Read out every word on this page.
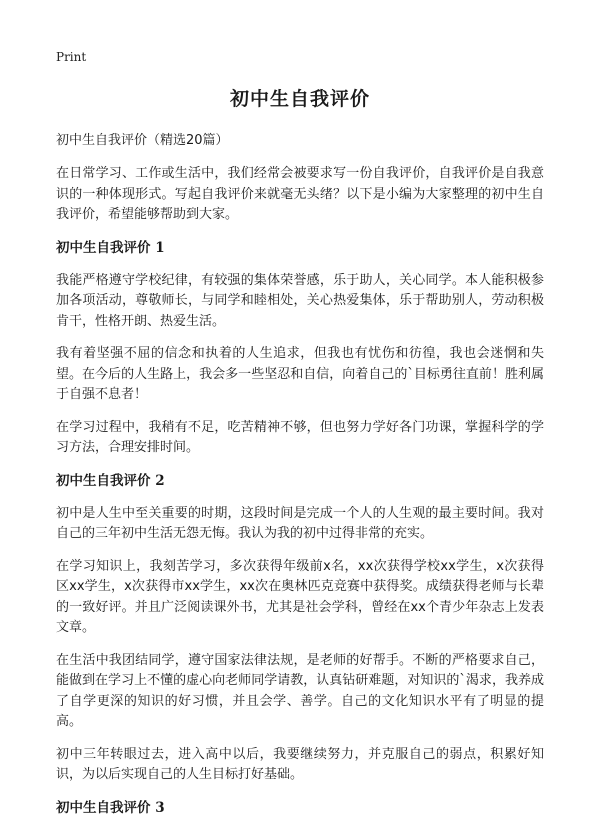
Print
初中生自我评价

初中生自我评价（精选20篇）

在日常学习、工作或生活中，我们经常会被要求写一份自我评价，自我评价是自我意识的一种体现形式。写起自我评价来就毫无头绪？以下是小编为大家整理的初中生自我评价，希望能够帮助到大家。

初中生自我评价 1

我能严格遵守学校纪律，有较强的集体荣誉感，乐于助人，关心同学。本人能积极参加各项活动，尊敬师长，与同学和睦相处，关心热爱集体，乐于帮助别人，劳动积极肯干，性格开朗、热爱生活。

我有着坚强不屈的信念和执着的人生追求，但我也有忧伤和彷徨，我也会迷惘和失望。在今后的人生路上，我会多一些坚忍和自信，向着自己的`目标勇往直前！胜利属于自强不息者！

在学习过程中，我稍有不足，吃苦精神不够，但也努力学好各门功课，掌握科学的学习方法，合理安排时间。

初中生自我评价 2

初中是人生中至关重要的时期，这段时间是完成一个人的人生观的最主要时间。我对自己的三年初中生活无怨无悔。我认为我的初中过得非常的充实。

在学习知识上，我刻苦学习，多次获得年级前x名，xx次获得学校xx学生，x次获得区xx学生，x次获得市xx学生，xx次在奥林匹克竞赛中获得奖。成绩获得老师与长辈的一致好评。并且广泛阅读课外书，尤其是社会学科，曾经在xx个青少年杂志上发表文章。

在生活中我团结同学，遵守国家法律法规，是老师的好帮手。不断的严格要求自己，能做到在学习上不懂的虚心向老师同学请教，认真钻研难题，对知识的`渴求，我养成了自学更深的知识的好习惯，并且会学、善学。自己的文化知识水平有了明显的提高。

初中三年转眼过去，进入高中以后，我要继续努力，并克服自己的弱点，积累好知识，为以后实现自己的人生目标打好基础。

初中生自我评价 3
